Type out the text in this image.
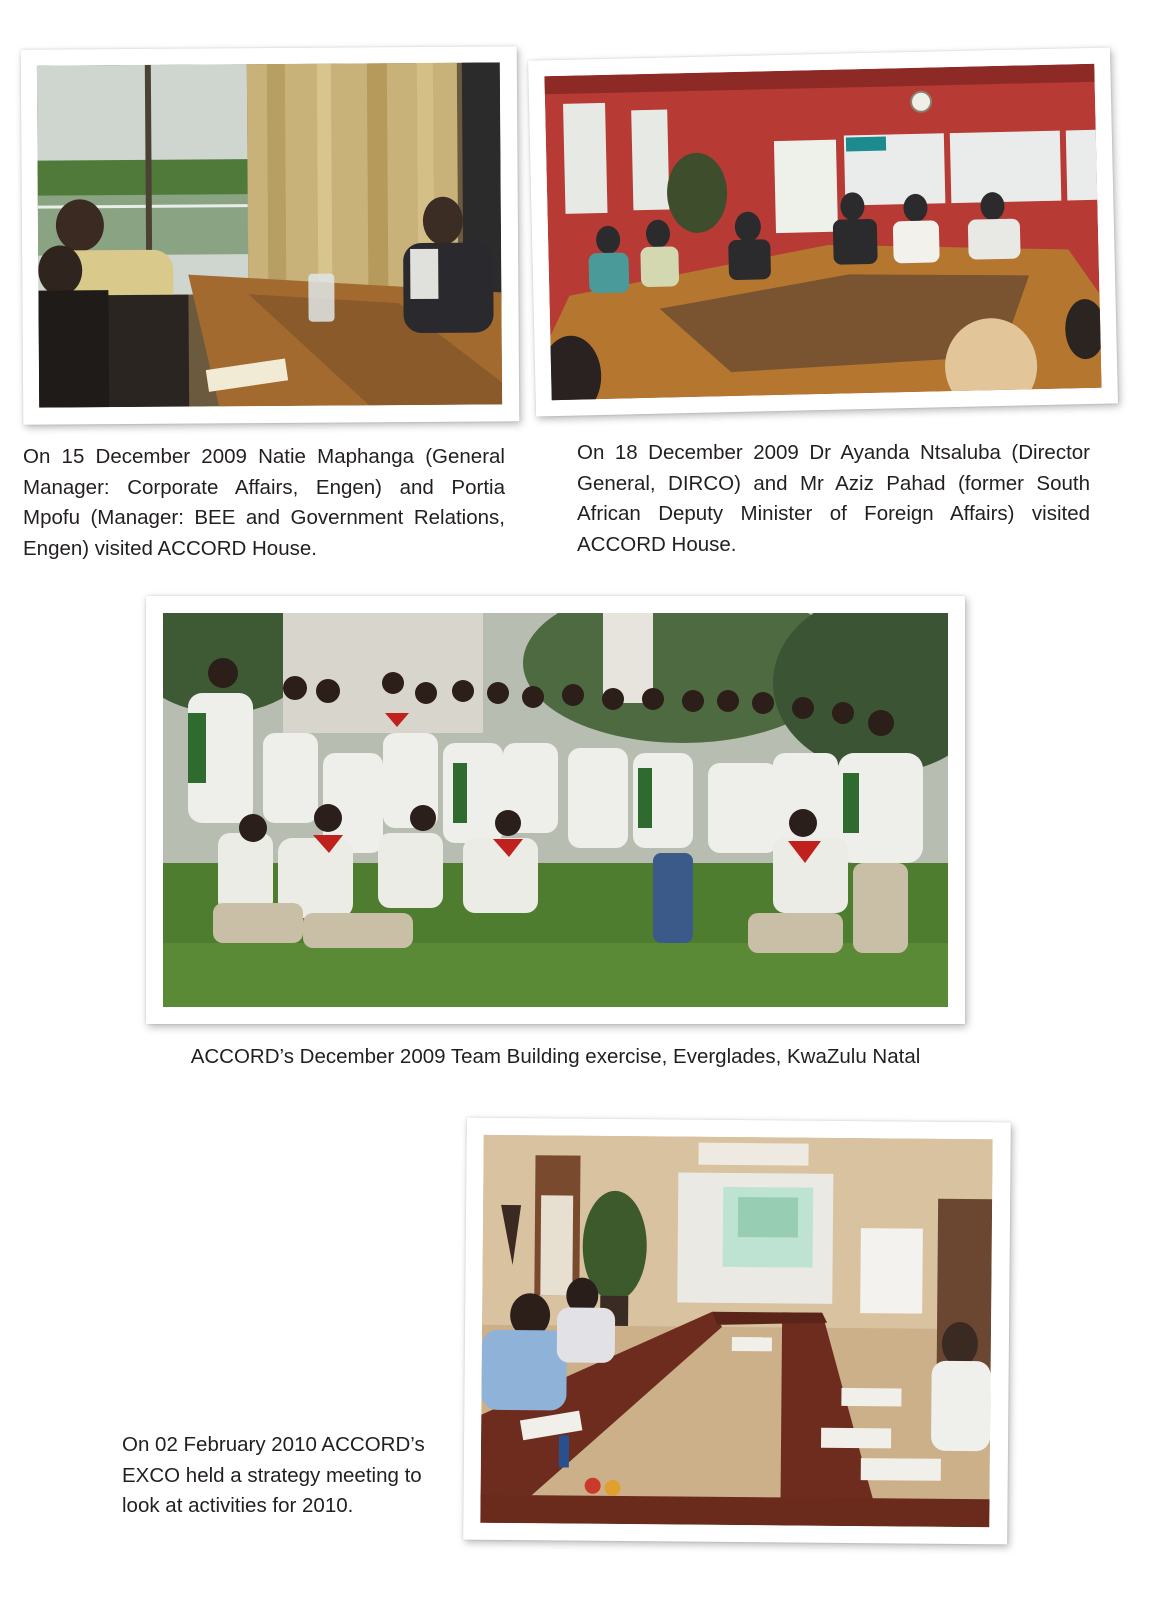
On 15 December 2009 Natie Maphanga (General Manager: Corporate Affairs, Engen) and Portia Mpofu (Manager: BEE and Government Relations, Engen) visited ACCORD House.

On 18 December 2009 Dr Ayanda Ntsaluba (Director General, DIRCO) and Mr Aziz Pahad (former South African Deputy Minister of Foreign Affairs) visited ACCORD House.

ACCORD’s December 2009 Team Building exercise, Everglades, KwaZulu Natal

On 02 February 2010 ACCORD’s EXCO held a strategy meeting to look at activities for 2010.
